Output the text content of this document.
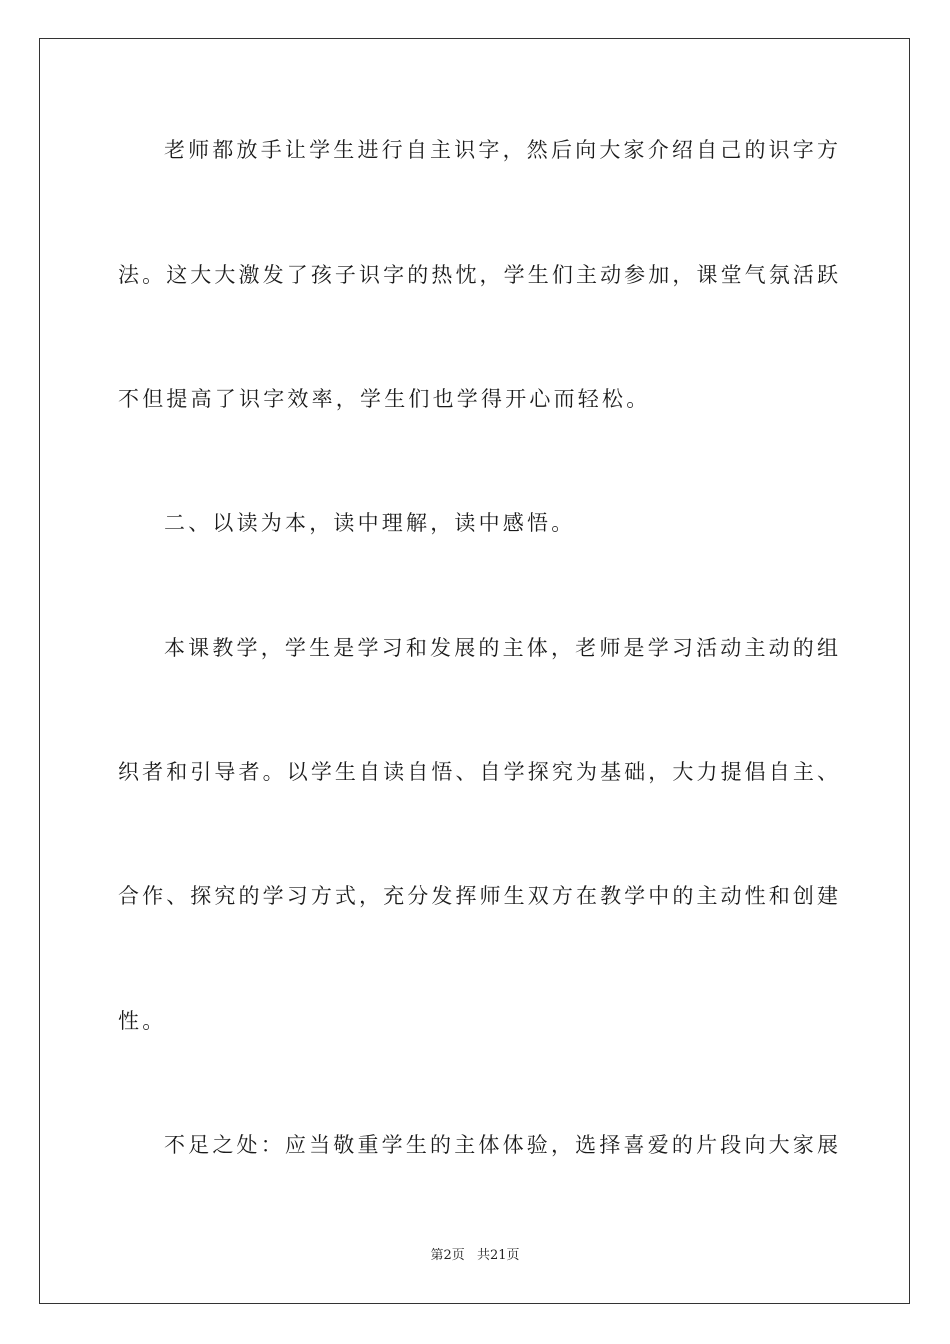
老师都放手让学生进行自主识字，然后向大家介绍自己的识字方
法。这大大激发了孩子识字的热忱，学生们主动参加，课堂气氛活跃
不但提高了识字效率，学生们也学得开心而轻松。
二、以读为本，读中理解，读中感悟。
本课教学，学生是学习和发展的主体，老师是学习活动主动的组
织者和引导者。以学生自读自悟、自学探究为基础，大力提倡自主、
合作、探究的学习方式，充分发挥师生双方在教学中的主动性和创建
性。
不足之处：应当敬重学生的主体体验，选择喜爱的片段向大家展
第2页 共21页
